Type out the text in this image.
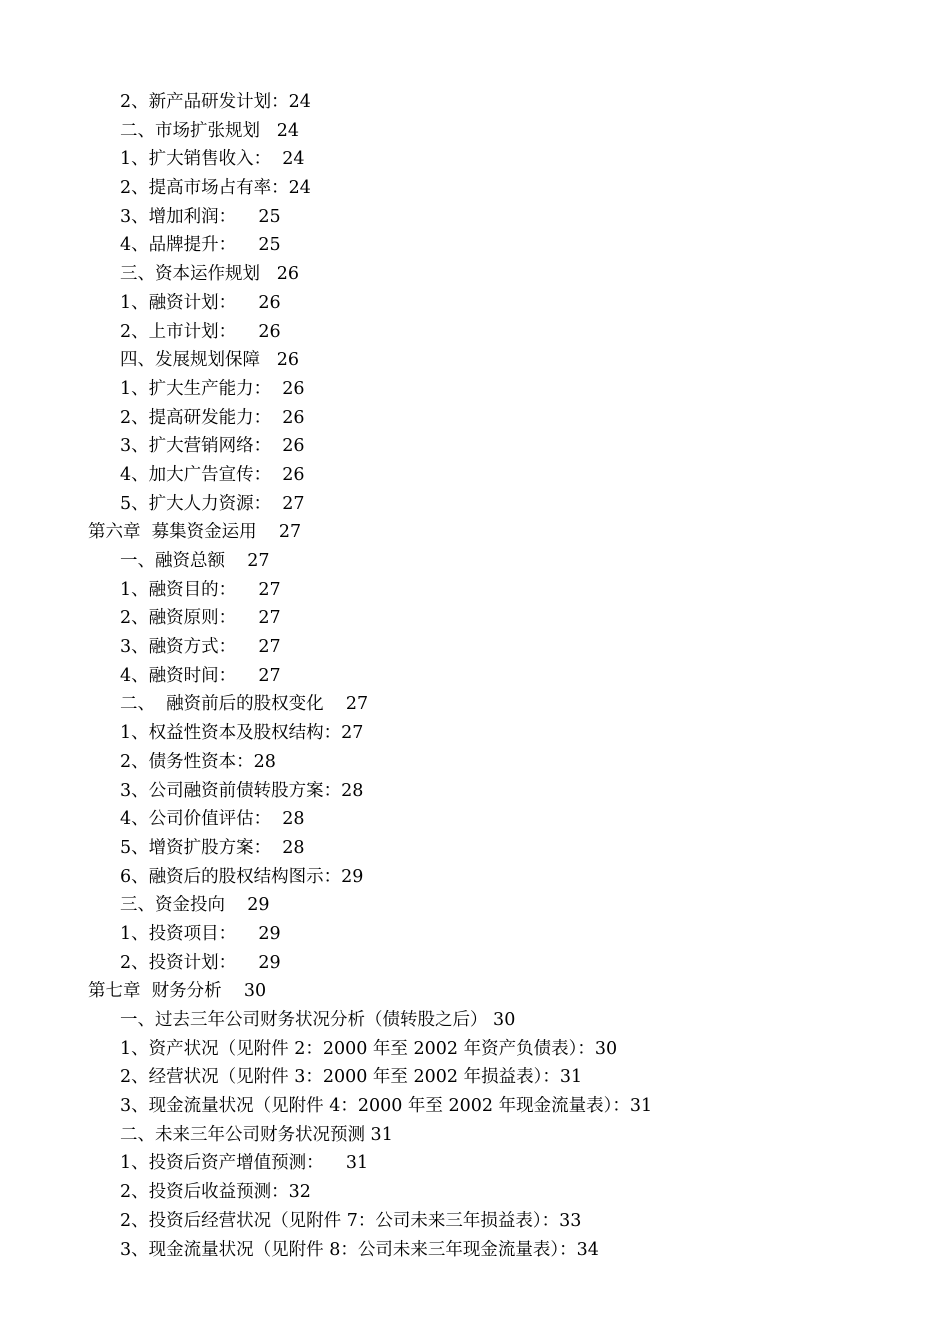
2、新产品研发计划：24
二、市场扩张规划   24
1、扩大销售收入：  24
2、提高市场占有率：24
3、增加利润：    25
4、品牌提升：    25
三、资本运作规划   26
1、融资计划：    26
2、上市计划：    26
四、发展规划保障   26
1、扩大生产能力：  26
2、提高研发能力：  26
3、扩大营销网络：  26
4、加大广告宣传：  26
5、扩大人力资源：  27
第六章  募集资金运用    27
一、融资总额    27
1、融资目的：    27
2、融资原则：    27
3、融资方式：    27
4、融资时间：    27
二、  融资前后的股权变化    27
1、权益性资本及股权结构：27
2、债务性资本：28
3、公司融资前债转股方案：28
4、公司价值评估：  28
5、增资扩股方案：  28
6、融资后的股权结构图示：29
三、资金投向    29
1、投资项目：    29
2、投资计划：    29
第七章  财务分析    30
一、过去三年公司财务状况分析（债转股之后） 30
1、资产状况（见附件 2：2000 年至 2002 年资产负债表）：30
2、经营状况（见附件 3：2000 年至 2002 年损益表）：31
3、现金流量状况（见附件 4：2000 年至 2002 年现金流量表）：31
二、未来三年公司财务状况预测 31
1、投资后资产增值预测：    31
2、投资后收益预测：32
2、投资后经营状况（见附件 7：公司未来三年损益表）：33
3、现金流量状况（见附件 8：公司未来三年现金流量表）：34
